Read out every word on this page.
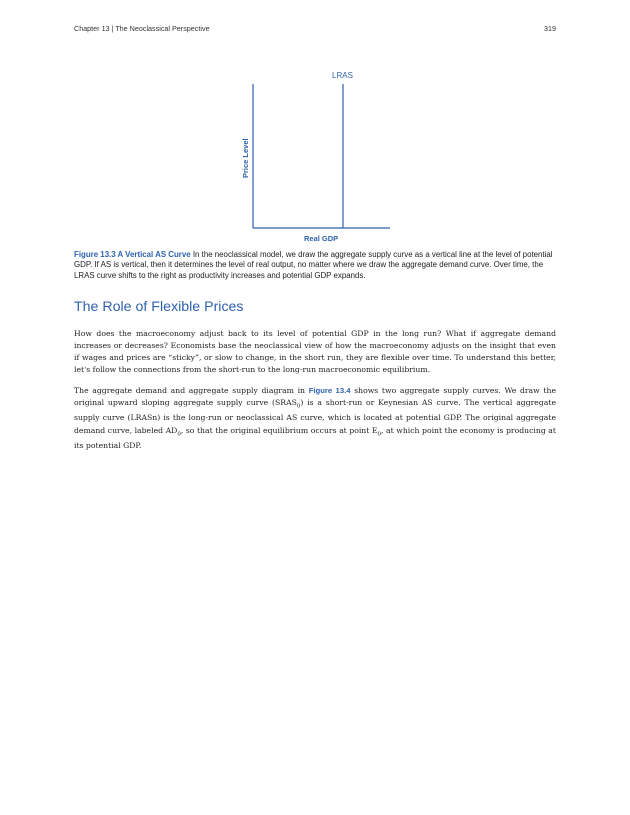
Chapter 13 | The Neoclassical Perspective	319
LRAS
Price Level
Real GDP
Figure 13.3 A Vertical AS Curve In the neoclassical model, we draw the aggregate supply curve as a vertical line at the level of potential GDP. If AS is vertical, then it determines the level of real output, no matter where we draw the aggregate demand curve. Over time, the LRAS curve shifts to the right as productivity increases and potential GDP expands.
The Role of Flexible Prices

How does the macroeconomy adjust back to its level of potential GDP in the long run? What if aggregate demand increases or decreases? Economists base the neoclassical view of how the macroeconomy adjusts on the insight that even if wages and prices are “sticky”, or slow to change, in the short run, they are flexible over time. To understand this better, let's follow the connections from the short-run to the long-run macroeconomic equilibrium.

The aggregate demand and aggregate supply diagram in Figure 13.4 shows two aggregate supply curves. We draw the original upward sloping aggregate supply curve $(SRAS_0)$ is a short-run or Keynesian AS curve. The vertical aggregate supply curve (LRASn) is the long-run or neoclassical AS curve, which is located at potential GDP. The original aggregate demand curve, labeled $AD_0$, so that the original equilibrium occurs at point $E_0$, at which point the economy is producing at its potential GDP.
